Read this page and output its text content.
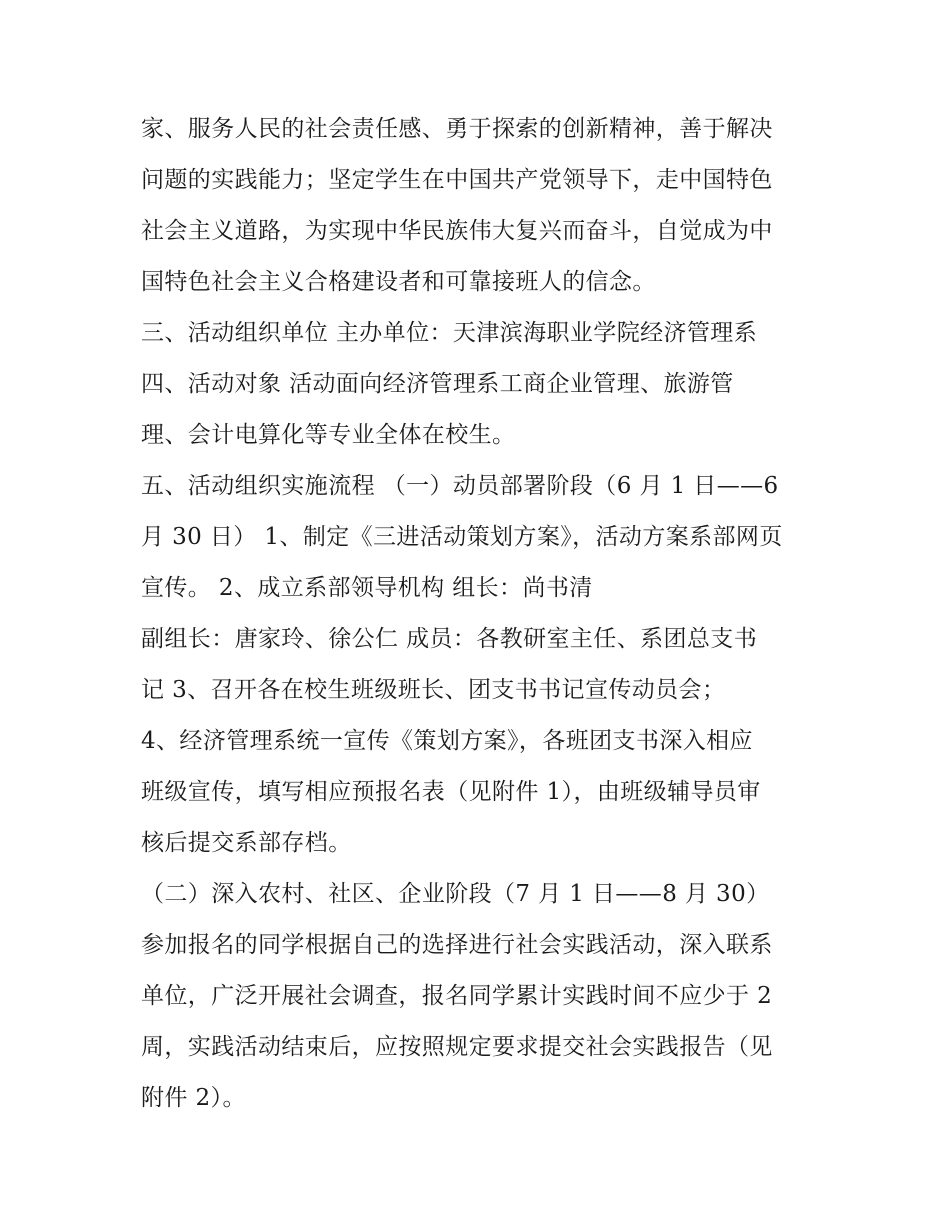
家、服务人民的社会责任感、勇于探索的创新精神，善于解决
问题的实践能力；坚定学生在中国共产党领导下，走中国特色
社会主义道路，为实现中华民族伟大复兴而奋斗，自觉成为中
国特色社会主义合格建设者和可靠接班人的信念。
三、活动组织单位 主办单位：天津滨海职业学院经济管理系
四、活动对象 活动面向经济管理系工商企业管理、旅游管
理、会计电算化等专业全体在校生。
五、活动组织实施流程 （一）动员部署阶段（6 月 1 日——6
月 30 日） 1、制定《三进活动策划方案》，活动方案系部网页
宣传。 2、成立系部领导机构 组长：尚书清
副组长：唐家玲、徐公仁 成员：各教研室主任、系团总支书
记 3、召开各在校生班级班长、团支书书记宣传动员会；
4、经济管理系统一宣传《策划方案》，各班团支书深入相应
班级宣传，填写相应预报名表（见附件 1），由班级辅导员审
核后提交系部存档。
（二）深入农村、社区、企业阶段（7 月 1 日——8 月 30）
参加报名的同学根据自己的选择进行社会实践活动，深入联系
单位，广泛开展社会调查，报名同学累计实践时间不应少于 2
周，实践活动结束后，应按照规定要求提交社会实践报告（见
附件 2）。
